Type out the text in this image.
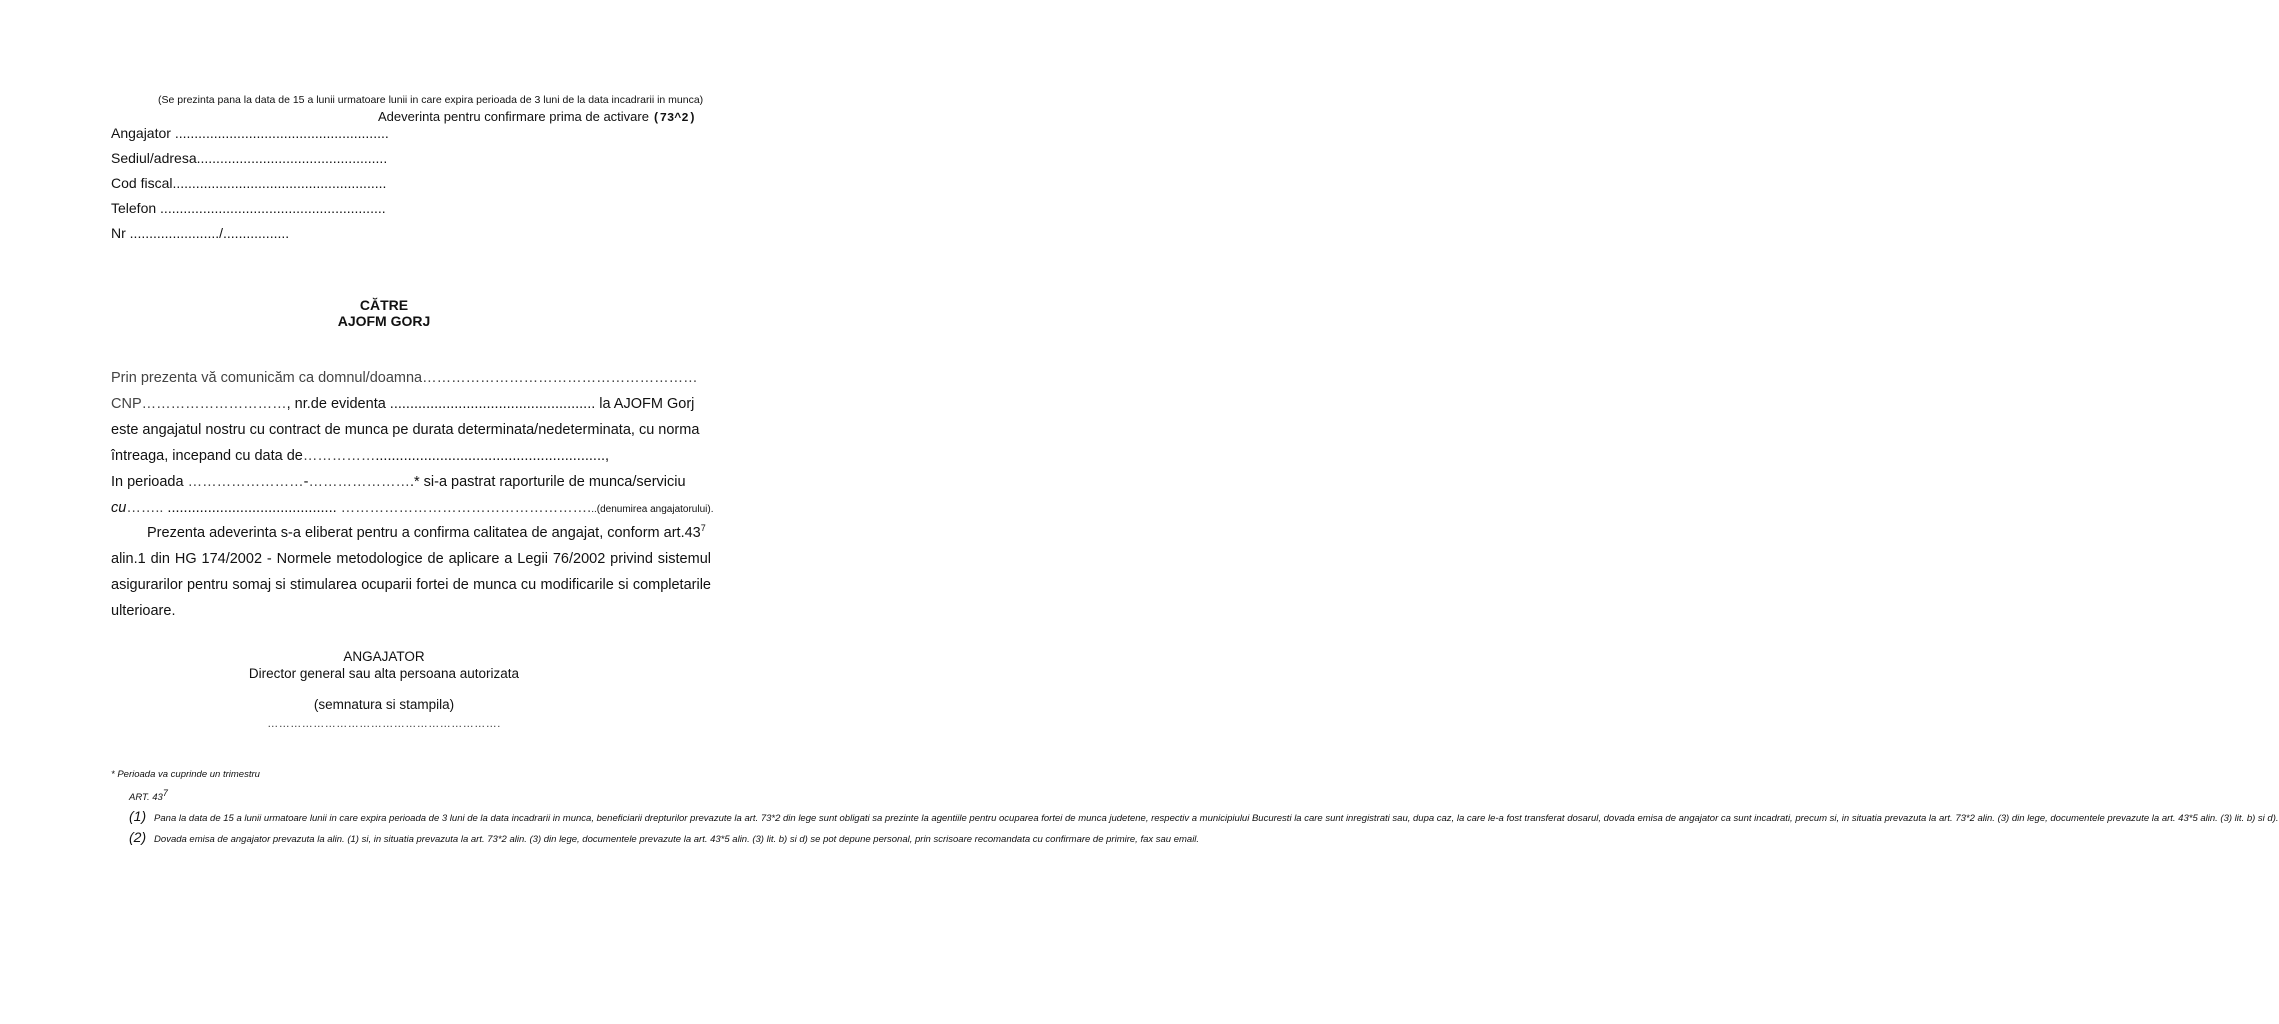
(Se prezinta pana la data de 15 a lunii urmatoare lunii in care expira perioada de 3 luni de la data incadrarii in munca)
Adeverinta pentru confirmare prima de activare (73^2)
Angajator .......................................................
Sediul/adresa.................................................
Cod fiscal.......................................................
Telefon ..........................................................
Nr ......................./.................
CĂTRE
AJOFM GORJ
Prin prezenta vă comunicăm ca domnul/doamna…………………………………………………
CNP…………………………, nr.de evidenta ................................................... la AJOFM Gorj
este angajatul nostru cu contract de munca pe durata determinata/nedeterminata, cu norma
întreaga, incepand cu data de…………….........................................................,
In perioada ……………………-………………….* si-a pastrat raporturile de munca/serviciu
cu…….. .......................................... ……………………………………………...(denumirea angajatorului).
Prezenta adeverinta s-a eliberat pentru a confirma calitatea de angajat, conform $art.43^7$
alin.1 din HG 174/2002 - Normele metodologice de aplicare a Legii 76/2002 privind sistemul
asigurarilor pentru somaj si stimularea ocuparii fortei de munca cu modificarile si completarile
ulterioare.
ANGAJATOR
Director general sau alta persoana autorizata
(semnatura si stampila)
…………………………………………………….
* Perioada va cuprinde un trimestru
ART. $43^7$
(1) Pana la data de 15 a lunii urmatoare lunii in care expira perioada de 3 luni de la data incadrarii in munca, beneficiarii drepturilor prevazute la art. 73*2 din lege sunt obligati sa prezinte la agentiile pentru ocuparea fortei de munca judetene, respectiv a municipiului Bucuresti la care sunt inregistrati sau, dupa caz, la care le-a fost transferat dosarul, dovada emisa de angajator ca sunt incadrati, precum si, in situatia prevazuta la art. 73*2 alin. (3) din lege, documentele prevazute la art. 43*5 alin. (3) lit. b) si d).
(2) Dovada emisa de angajator prevazuta la alin. (1) si, in situatia prevazuta la art. 73*2 alin. (3) din lege, documentele prevazute la art. 43*5 alin. (3) lit. b) si d) se pot depune personal, prin scrisoare recomandata cu confirmare de primire, fax sau email.
